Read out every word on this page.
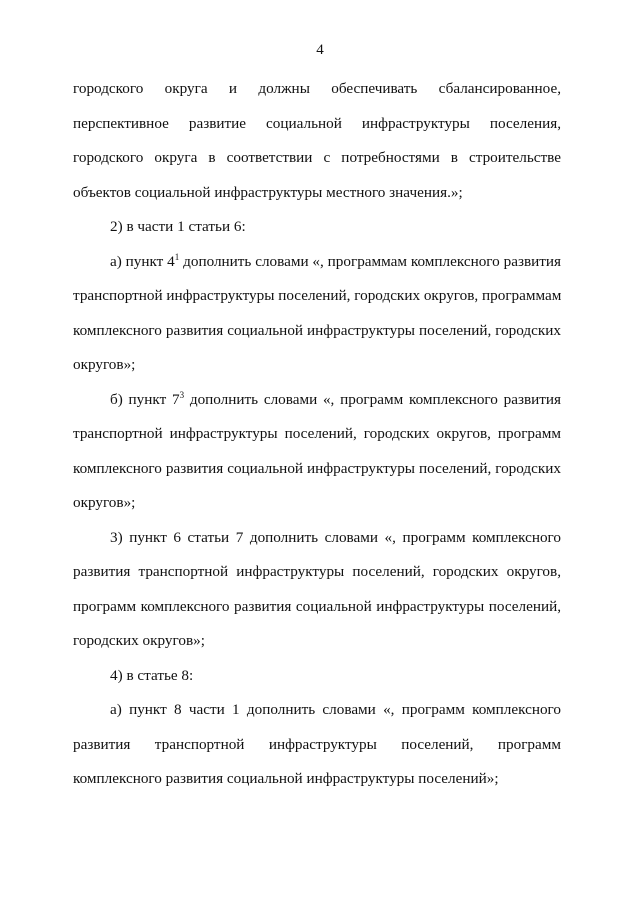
4
городского округа и должны обеспечивать сбалансированное,
перспективное развитие социальной инфраструктуры поселения,
городского округа в соответствии с потребностями в строительстве
объектов социальной инфраструктуры местного значения.»;
2) в части 1 статьи 6:
а) пункт $4^1$ дополнить словами «, программам комплексного развития
транспортной инфраструктуры поселений, городских округов, программам
комплексного развития социальной инфраструктуры поселений, городских
округов»;
б) пункт $7^3$ дополнить словами «, программ комплексного развития
транспортной инфраструктуры поселений, городских округов, программ
комплексного развития социальной инфраструктуры поселений, городских
округов»;
3) пункт 6 статьи 7 дополнить словами «, программ комплексного
развития транспортной инфраструктуры поселений, городских округов,
программ комплексного развития социальной инфраструктуры поселений,
городских округов»;
4) в статье 8:
а) пункт 8 части 1 дополнить словами «, программ комплексного
развития транспортной инфраструктуры поселений, программ
комплексного развития социальной инфраструктуры поселений»;
